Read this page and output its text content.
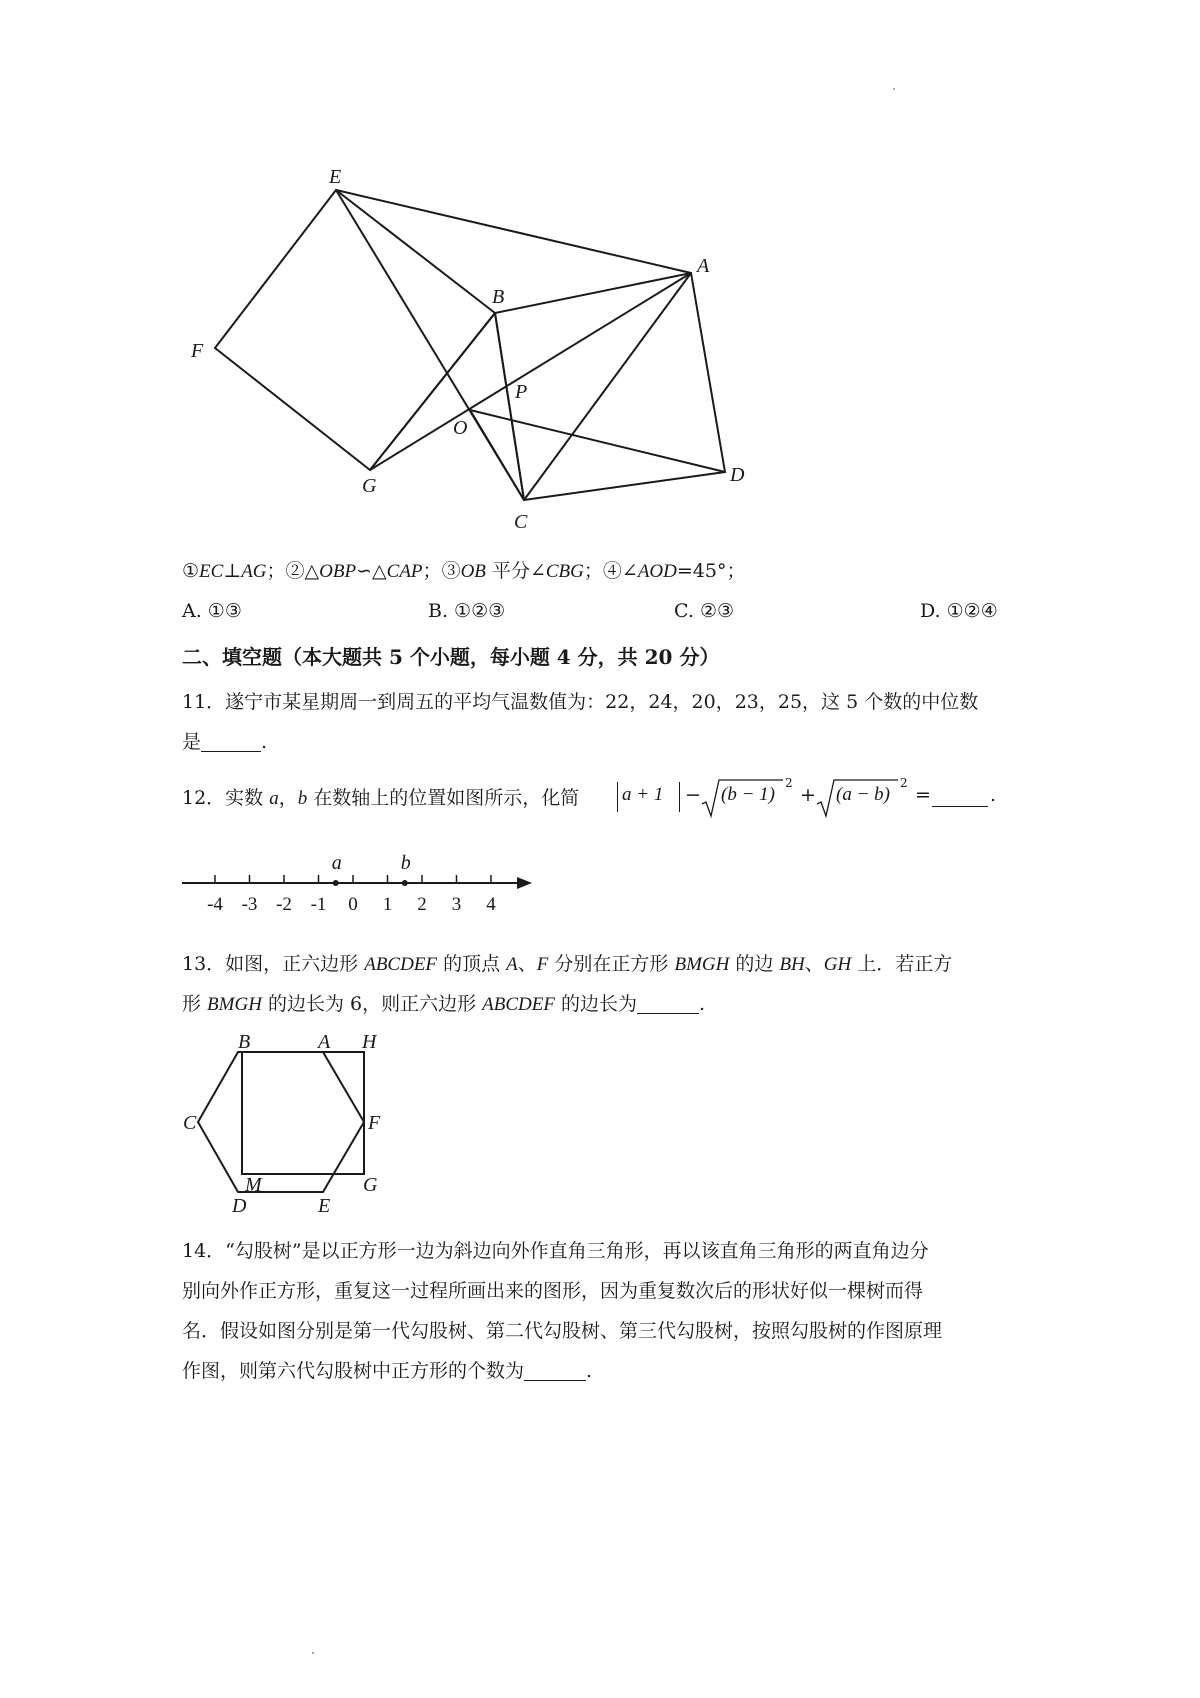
E
B
A
F
P
O
G
C
D
①EC⊥AG；②△OBP∽△CAP；③OB 平分∠CBG；④∠AOD=45°；
A. ①③	B. ①②③	C. ②③	D. ①②④
二、填空题（本大题共 5 个小题，每小题 4 分，共 20 分）
11．遂宁市某星期周一到周五的平均气温数值为：22，24，20，23，25，这 5 个数的中位数
是	.
12．实数 a，b 在数轴上的位置如图所示，化简 a + 1 − (b − 1)
2
+ (a − b)
2
=	.
-4 -3 -2 -1 0 1 2 3 4
a	b
13．如图，正六边形 ABCDEF 的顶点 A、F 分别在正方形 BMGH 的边 BH、GH 上．若正方
形 BMGH 的边长为 6，则正六边形 ABCDEF 的边长为	.
B	A H
C	F
M	G
D	E
14．“勾股树”是以正方形一边为斜边向外作直角三角形，再以该直角三角形的两直角边分
别向外作正方形，重复这一过程所画出来的图形，因为重复数次后的形状好似一棵树而得
名．假设如图分别是第一代勾股树、第二代勾股树、第三代勾股树，按照勾股树的作图原理
作图，则第六代勾股树中正方形的个数为	.
